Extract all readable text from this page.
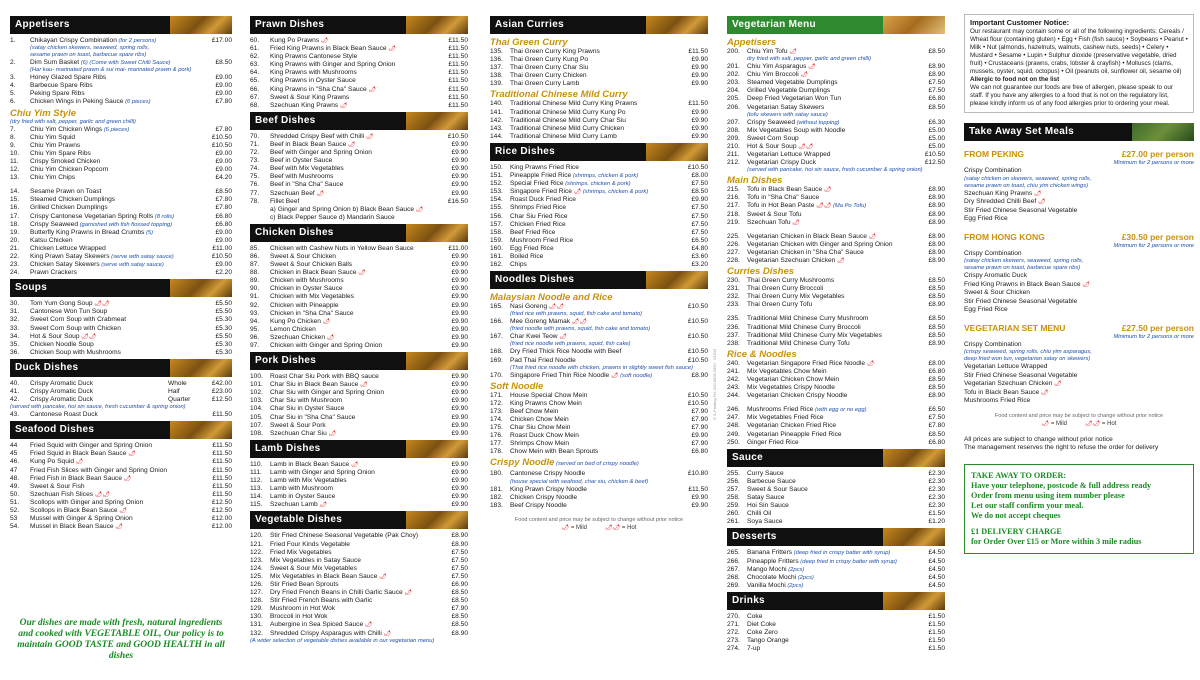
Appetisers
1.	Chikayan Crispy Combination (for 2 persons)	£17.00
(satay chicken skewers, seaweed, spring rolls,
sesame prawn on toast, barbecue spare ribs)
2.	Dim Sum Basket (6) (Come with Sweet Chilli Sauce)	£8.50
(Har kau- marinated prawn & sui mai- marinated prawn & pork)
3.	Honey Glazed Spare Ribs	£9.00
4.	Barbecue Spare Ribs	£9.00
5.	Peking Spare Ribs	£9.00
6.	Chicken Wings in Peking Sauce (6 pieces)	£7.80
Chiu Yim Style
(dry fried with salt, pepper, garlic and green chilli)
7.	Chiu Yim Chicken Wings (6 pieces)	£7.80
8.	Chiu Yim Squid	£10.50
9.	Chiu Yim Prawns	£10.50
10.	Chiu Yim Spare Ribs	£9.00
11.	Crispy Smoked Chicken	£9.00
12.	Chiu Yim Chicken Popcorn	£9.00
13.	Chiu Yim Chips	£4.20
14.	Sesame Prawn on Toast	£8.50
15.	Steamed Chicken Dumplings	£7.80
16.	Grilled Chicken Dumplings	£7.80
17.	Crispy Cantonese Vegetarian Spring Rolls (8 rolls)	£6.80
18.	Crispy Seaweed (garnished with fish flossed topping)	£6.80
19.	Butterfly King Prawns in Bread Crumbs (5)	£9.00
20.	Katsu Chicken	£9.00
21.	Chicken Lettuce Wrapped	£11.00
22.	King Prawn Satay Skewers (serve with satay sauce)	£10.50
23.	Chicken Satay Skewers (serve with satay sauce)	£9.00
24.	Prawn Crackers	£2.20
Soups
30.	Tom Yum Gong Soup 🌶🌶	£5.50
31.	Cantonese Won Tun Soup	£5.50
32.	Sweet Corn Soup with Crabmeat	£5.30
33.	Sweet Corn Soup with Chicken	£5.30
34.	Hot & Sour Soup 🌶🌶	£5.50
35.	Chicken Noodle Soup	£5.30
36.	Chicken Soup with Mushrooms	£5.30
Duck Dishes
40.	Crispy Aromatic Duck	Whole	£42.00
41.	Crispy Aromatic Duck	Half	£23.00
42.	Crispy Aromatic Duck	Quarter	£12.50
(served with pancake, hoi sin sauce, fresh cucumber & spring onion)
43.	Cantonese Roast Duck	£11.50
Seafood Dishes
44	Fried Squid with Ginger and Spring Onion	£11.50
45	Fried Squid in Black Bean Sauce 🌶	£11.50
46.	Kung Po Squid 🌶	£11.50
47	Fried Fish Slices with Ginger and Spring Onion	£11.50
48.	Fried Fish in Black Bean Sauce 🌶	£11.50
49.	Sweet & Sour Fish	£11.50
50.	Szechuan Fish Slices 🌶🌶	£11.50
51.	Scollops with Ginger and Spring Onion	£12.50
52.	Scollops in Black Bean Sauce 🌶	£12.50
53	Mussel with Ginger & Spring Onion	£12.00
54.	Mussel in Black Bean Sauce 🌶	£12.00
Prawn Dishes
60.	Kung Po Prawns 🌶	£11.50
61.	Fried King Prawns in Black Bean Sauce 🌶	£11.50
62.	King Prawns Cantonese Style	£11.50
63.	King Prawns with Ginger and Spring Onion	£11.50
64.	King Prawns with Mushrooms	£11.50
65.	King Prawns in Oyster Sauce	£11.50
66.	King Prawns in "Sha Cha" Sauce 🌶	£11.50
67.	Sweet & Sour King Prawns	£11.50
68.	Szechuan King Prawns 🌶	£11.50
Beef Dishes
70.	Shredded Crispy Beef with Chilli 🌶	£10.50
71.	Beef in Black Bean Sauce 🌶	£9.90
72.	Beef with Ginger and Spring Onion	£9.90
73.	Beef in Oyster Sauce	£9.90
74.	Beef with Mix Vegetables	£9.90
75.	Beef with Mushrooms	£9.90
76.	Beef in "Sha Cha" Sauce	£9.90
77.	Szechuan Beef 🌶	£9.90
78.	Fillet Beef	£16.50
a) Ginger and Spring Onion b) Black Bean Sauce 🌶
c) Black Pepper Sauce d) Mandarin Sauce
Chicken Dishes
85.	Chicken with Cashew Nuts in Yellow Bean Sauce	£11.00
86.	Sweet & Sour Chicken	£9.90
87.	Sweet & Sour Chicken Balls	£9.90
88.	Chicken in Black Bean Sauce 🌶	£9.90
89.	Chicken with Mushrooms	£9.90
90.	Chicken in Oyster Sauce	£9.90
91.	Chicken with Mix Vegetables	£9.90
92.	Chicken with Pineapple	£9.90
93.	Chicken in "Sha Cha" Sauce	£9.90
94.	Kung Po Chicken 🌶	£9.90
95.	Lemon Chicken	£9.90
96.	Szechuan Chicken 🌶	£9.90
97.	Chicken with Ginger and Spring Onion	£9.90
Pork Dishes
100.	Roast Char Siu Pork with BBQ sauce	£9.90
101.	Char Siu in Black Bean Sauce 🌶	£9.90
102.	Char Siu with Ginger and Spring Onion	£9.90
103.	Char Siu with Mushroom	£9.90
104.	Char Siu in Oyster Sauce	£9.90
105.	Char Siu in "Sha Cha" Sauce	£9.90
107.	Sweet & Sour Pork	£9.90
108.	Szechuan Char Siu 🌶	£9.90
Lamb Dishes
110.	Lamb in Black Bean Sauce 🌶	£9.90
111.	Lamb with Ginger and Spring Onion	£9.90
112.	Lamb with Mix Vegetables	£9.90
113.	Lamb with Mushroom	£9.90
114.	Lamb in Oyster Sauce	£9.90
115.	Szechuan Lamb 🌶	£9.90
Vegetable Dishes
120.	Stir Fried Chinese Seasonal Vegetable (Pak Choy)	£8.90
121.	Fried Four Kinds Vegetable	£8.90
122.	Fried Mix Vegetables	£7.50
123.	Mix Vegetables in Satay Sauce	£7.50
124.	Sweet & Sour Mix Vegetables	£7.50
125.	Mix Vegetables in Black Bean Sauce 🌶	£7.50
126.	Stir Fried Bean Sprouts	£6.90
127.	Dry Fried French Beans in Chilli Garlic Sauce 🌶	£8.50
128.	Stir Fried French Beans with Garlic	£8.50
129.	Mushroom in Hot Wok	£7.90
130.	Broccoli in Hot Wok	£8.50
131.	Aubergine in Sea Spiced Sauce 🌶	£8.50
132.	Shredded Crispy Asparagus with Chilli 🌶	£8.90
(A wider selection of vegetable dishes available in our vegetarian menu)
Asian Curries
Thai Green Curry
135.	Thai Green Curry King Prawns	£11.50
136.	Thai Green Curry Kung Po	£9.90
137.	Thai Green Curry Char Siu	£9.90
138.	Thai Green Curry Chicken	£9.90
139.	Thai Green Curry Lamb	£9.90
Traditional Chinese Mild Curry
140.	Traditional Chinese Mild Curry King Prawns	£11.50
141.	Traditional Chinese Mild Curry Kung Po	£9.90
142.	Traditional Chinese Mild Curry Char Siu	£9.90
143.	Traditional Chinese Mild Curry Chicken	£9.90
144.	Traditional Chinese Mild Curry Lamb	£9.90
Rice Dishes
150.	King Prawns Fried Rice	£10.50
151.	Pineapple Fried Rice (shrimps, chicken & pork)	£8.00
152.	Special Fried Rice (shrimps, chicken & pork)	£7.50
153.	Singapore Fried Rice 🌶 (shrimps, chicken & pork)	£8.50
154.	Roast Duck Fried Rice	£9.90
155.	Shrimps Fried Rice	£7.50
156.	Char Siu Fried Rice	£7.50
157.	Chicken Fried Rice	£7.50
158.	Beef Fried Rice	£7.50
159.	Mushroom Fried Rice	£6.50
160.	Egg Fried Rice	£4.80
161.	Boiled Rice	£3.60
162.	Chips	£3.20
Noodles Dishes
Malaysian Noodle and Rice
165.	Nasi Goreng 🌶🌶	£10.50
(fried rice with prawns, squid, fish cake and tomato)
166.	Mee Goreng Mamak 🌶🌶	£10.50
(fried noodle with prawns, squid, fish cake and tomato)
167.	Char Kwei Teow 🌶	£10.50
(fried rice noodle with prawns, squid, fish cake)
168.	Dry Fried Thick Rice Noodle with Beef	£10.50
169.	Pad Thai Fried Noodle	£10.50
(Thai fried rice noodle with chicken, prawns in slightly sweet fish sauce)
170.	Singapore Fried Thin Rice Noodle 🌶 (soft noodle)	£8.90
Soft Noodle
171.	House Special Chow Mein	£10.50
172.	King Prawns Chow Mein	£10.50
173.	Beef Chow Mein	£7.90
174.	Chicken Chow Mein	£7.90
175.	Char Siu Chow Mein	£7.90
176.	Roast Duck Chow Mein	£9.90
177.	Shrimps Chow Mein	£7.90
178.	Chow Mein with Bean Sprouts	£6.80
Crispy Noodle (served on bed of crispy noodle)
180.	Cantonese Crispy Noodle	£10.80
(house special with seafood, char siu, chicken & beef)
181.	King Prawn Crispy Noodle	£11.50
182.	Chicken Crispy Noodle	£9.90
183.	Beef Crispy Noodle	£9.90
Food content and price may be subject to change without prior notice
🌶 = Mild	🌶🌶 = Hot
Vegetarian Menu
Appetisers
200.	Chiu Yim Tofu 🌶	£8.50
dry fried with salt, pepper, garlic and green chilli)
201.	Chiu Yim Asparagus 🌶	£8.90
202.	Chiu Yim Broccoli 🌶	£8.90
203.	Steamed Vegetable Dumplings	£7.50
204.	Grilled Vegetable Dumplings	£7.50
205.	Deep Fried Vegetarian Won Tun	£6.80
206.	Vegetarian Satay Skewers	£8.50
(tofu skewers with satay sauce)
207.	Crispy Seaweed (without topping)	£6.30
208.	Mix Vegetables Soup with Noodle	£5.00
209.	Sweet Corn Soup	£5.00
210.	Hot & Sour Soup 🌶🌶	£5.00
211.	Vegetarian Lettuce Wrapped	£10.50
212.	Vegetarian Crispy Duck	£12.50
(served with pancake, hoi sin sauce, fresh cucumber & spring onion)
Main Dishes
215.	Tofu in Black Bean Sauce 🌶	£8.90
216.	Tofu in "Sha Cha" Sauce	£8.90
217.	Tofu in Hot Bean Paste 🌶🌶 (Ma Po Tofu)	£8.90
218.	Sweet & Sour Tofu	£8.90
219.	Szechuan Tofu 🌶	£8.90
225.	Vegetarian Chicken in Black Bean Sauce 🌶	£8.90
226.	Vegetarian Chicken with Ginger and Spring Onion	£8.90
227.	Vegetarian Chicken in "Sha Cha" Sauce	£8.90
228.	Vegetarian Szechuan Chicken 🌶	£8.90
Curries Dishes
230.	Thai Green Curry Mushrooms	£8.50
231.	Thai Green Curry Broccoli	£8.50
232.	Thai Green Curry Mix Vegetables	£8.50
233.	Thai Green Curry Tofu	£8.90
235.	Traditional Mild Chinese Curry Mushroom	£8.50
236.	Traditional Mild Chinese Curry Broccoli	£8.50
237.	Traditional Mild Chinese Curry Mix Vegetables	£8.50
238.	Traditional Mild Chinese Curry Tofu	£8.90
Rice & Noodles
240.	Vegetarian Singapore Fried Rice Noodle 🌶	£8.00
241.	Mix Vegetables Chow Mein	£6.80
242.	Vegetarian Chicken Chow Mein	£8.50
243.	Mix Vegetables Crispy Noodle	£8.50
244.	Vegetarian Chicken Crispy Noodle	£8.90
246.	Mushrooms Fried Rice (with egg or no egg)	£6.50
247.	Mix Vegetables Fried Rice	£7.50
248.	Vegetarian Chicken Fried Rice	£7.80
249.	Vegetarian Pineapple Fried Rice	£8.50
250.	Ginger Fried Rice	£6.80
Sauce
255.	Curry Sauce	£2.30
256.	Barbecue Sauce	£2.30
257.	Sweet & Sour Sauce	£2.30
258.	Satay Sauce	£2.30
259.	Hoi Sin Sauce	£2.30
260.	Chilli Oil	£1.50
261.	Soya Sauce	£1.20
Desserts
265.	Banana Fritters (deep fried in crispy batter with syrup)	£4.50
266.	Pineapple Fritters (deep fried in crispy batter with syrup)	£4.50
267.	Mango Mochi (2pcs)	£4.50
268.	Chocolate Mochi (2pcs)	£4.50
269.	Vanilla Mochi (2pcs)	£4.50
Drinks
270.	Coke	£1.50
271.	Diet Coke	£1.50
272.	Coke Zero	£1.50
273.	Tango Orange	£1.50
274.	7-up	£1.50
Important Customer Notice:
Our restaurant may contain some or all of the following ingredients: Cereals / Wheat flour (containing gluten) • Egg • Fish (fish sauce) • Soybeans • Peanut • Milk • Nut (almonds, hazelnuts, walnuts, cashew nuts, seeds) • Celery • Mustard • Sesame • Lupin • Sulphur dioxide (preservative vegetable, dried fruit) • Crustaceans (prawns, crabs, lobster & crayfish) • Molluscs (clams, mussels, oyster, squid, octopus) • Oil (peanuts oil, sunflower oil, sesame oil)
Allergic to food not on the list
We can not guarantee our foods are free of allergen, please speak to our staff. If you have any allergies to a food that is not on the regulatory list, please kindly inform us of any food allergies prior to ordering your meal.
Take Away Set Meals
FROM PEKING	£27.00 per person
Minimum for 2 persons or more
Crispy Combination
(satay chicken on skewers, seaweed, spring rolls,
sesame prawn on toast, chiu yim chicken wings)
Szechuan King Prawns 🌶
Dry Shredded Chilli Beef 🌶
Stir Fried Chinese Seasonal Vegetable
Egg Fried Rice
FROM HONG KONG	£30.50 per person
Minimum for 2 persons or more
Crispy Combination
(satay chicken skewers, seaweed, spring rolls,
sesame prawn on toast, barbecue spare ribs)
Crispy Aromatic Duck
Fried King Prawns in Black Bean Sauce 🌶
Sweet & Sour Chicken
Stir Fried Chinese Seasonal Vegetable
Egg Fried Rice
VEGETARIAN SET MENU	£27.50 per person
Minimum for 2 persons or more
Crispy Combination
(crispy seaweed, spring rolls, chiu yim asparagus,
deep fried won tun, vegetarian satay on skewers)
Vegetarian Lettuce Wrapped
Stir Fried Chinese Seasonal Vegetable
Vegetarian Szechuan Chicken 🌶
Tofu in Black Bean Sauce 🌶
Mushrooms Fried Rice
Food content and price may be subject to change without prior notice
🌶 = Mild	🌶🌶 = Hot
All prices are subject to change without prior notice
The management reserves the right to refuse the order for delivery
TAKE AWAY TO ORDER:
Have your telephone, postcode & full address ready
Order from menu using item number please
Let our staff confirm your meal.
We do not accept cheques
£1 DELIVERY CHARGE
for Order Over £15 or More within 3 mile radius
Our dishes are made with fresh, natural ingredients and cooked with VEGETABLE OIL, Our policy is to maintain GOOD TASTE and GOOD HEALTH in all dishes
© S-Printing Tel: 020 8509 3350 · 01633
